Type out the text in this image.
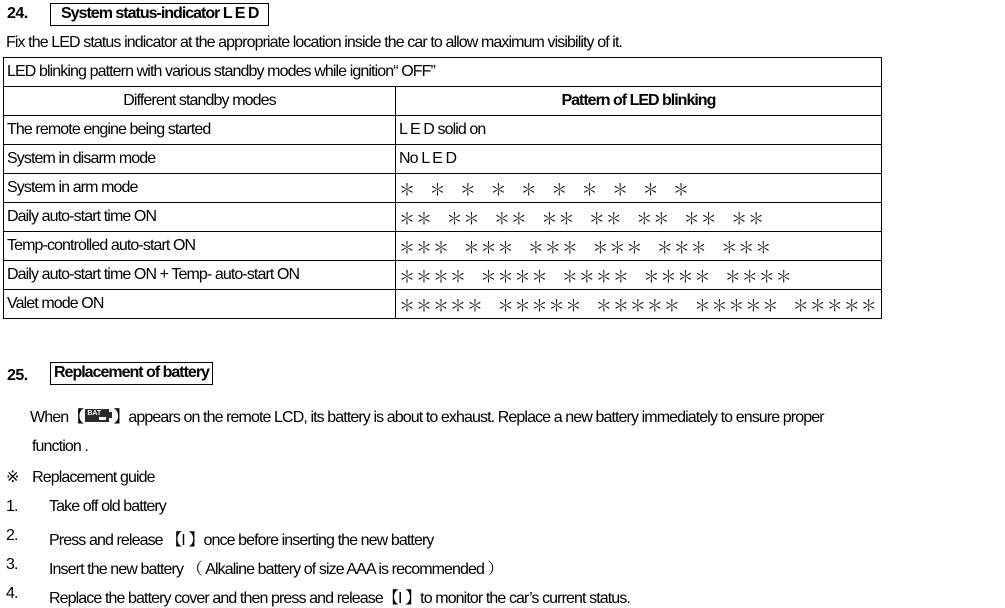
24.	System status-indicator L E D
Fix the LED status indicator at the appropriate location inside the car to allow maximum visibility of it.
LED blinking pattern with various standby modes while ignition“ OFF”	
Different standby modes	Pattern of LED blinking
The remote engine being started	L E D solid on
System in disarm mode	No L E D
System in arm mode	＊ ＊ ＊ ＊ ＊ ＊ ＊ ＊ ＊ ＊
Daily auto-start time ON	＊＊ ＊＊ ＊＊ ＊＊ ＊＊ ＊＊ ＊＊ ＊＊
Temp-controlled auto-start ON	＊＊＊ ＊＊＊ ＊＊＊ ＊＊＊ ＊＊＊ ＊＊＊
Daily auto-start time ON + Temp- auto-start ON	＊＊＊＊ ＊＊＊＊ ＊＊＊＊ ＊＊＊＊ ＊＊＊＊
Valet mode ON	＊＊＊＊＊ ＊＊＊＊＊ ＊＊＊＊＊ ＊＊＊＊＊ ＊＊＊＊＊
25. Replacement of battery
When【 BAT 】appears on the remote LCD, its battery is about to exhaust. Replace a new battery immediately to ensure proper
function .
※ Replacement guide
1. Take off old battery
2. Press and release 【I 】once before inserting the new battery
3. Insert the new battery （ Alkaline battery of size AAA is recommended ）
4. Replace the battery cover and then press and release【I 】to monitor the car’s current status.
